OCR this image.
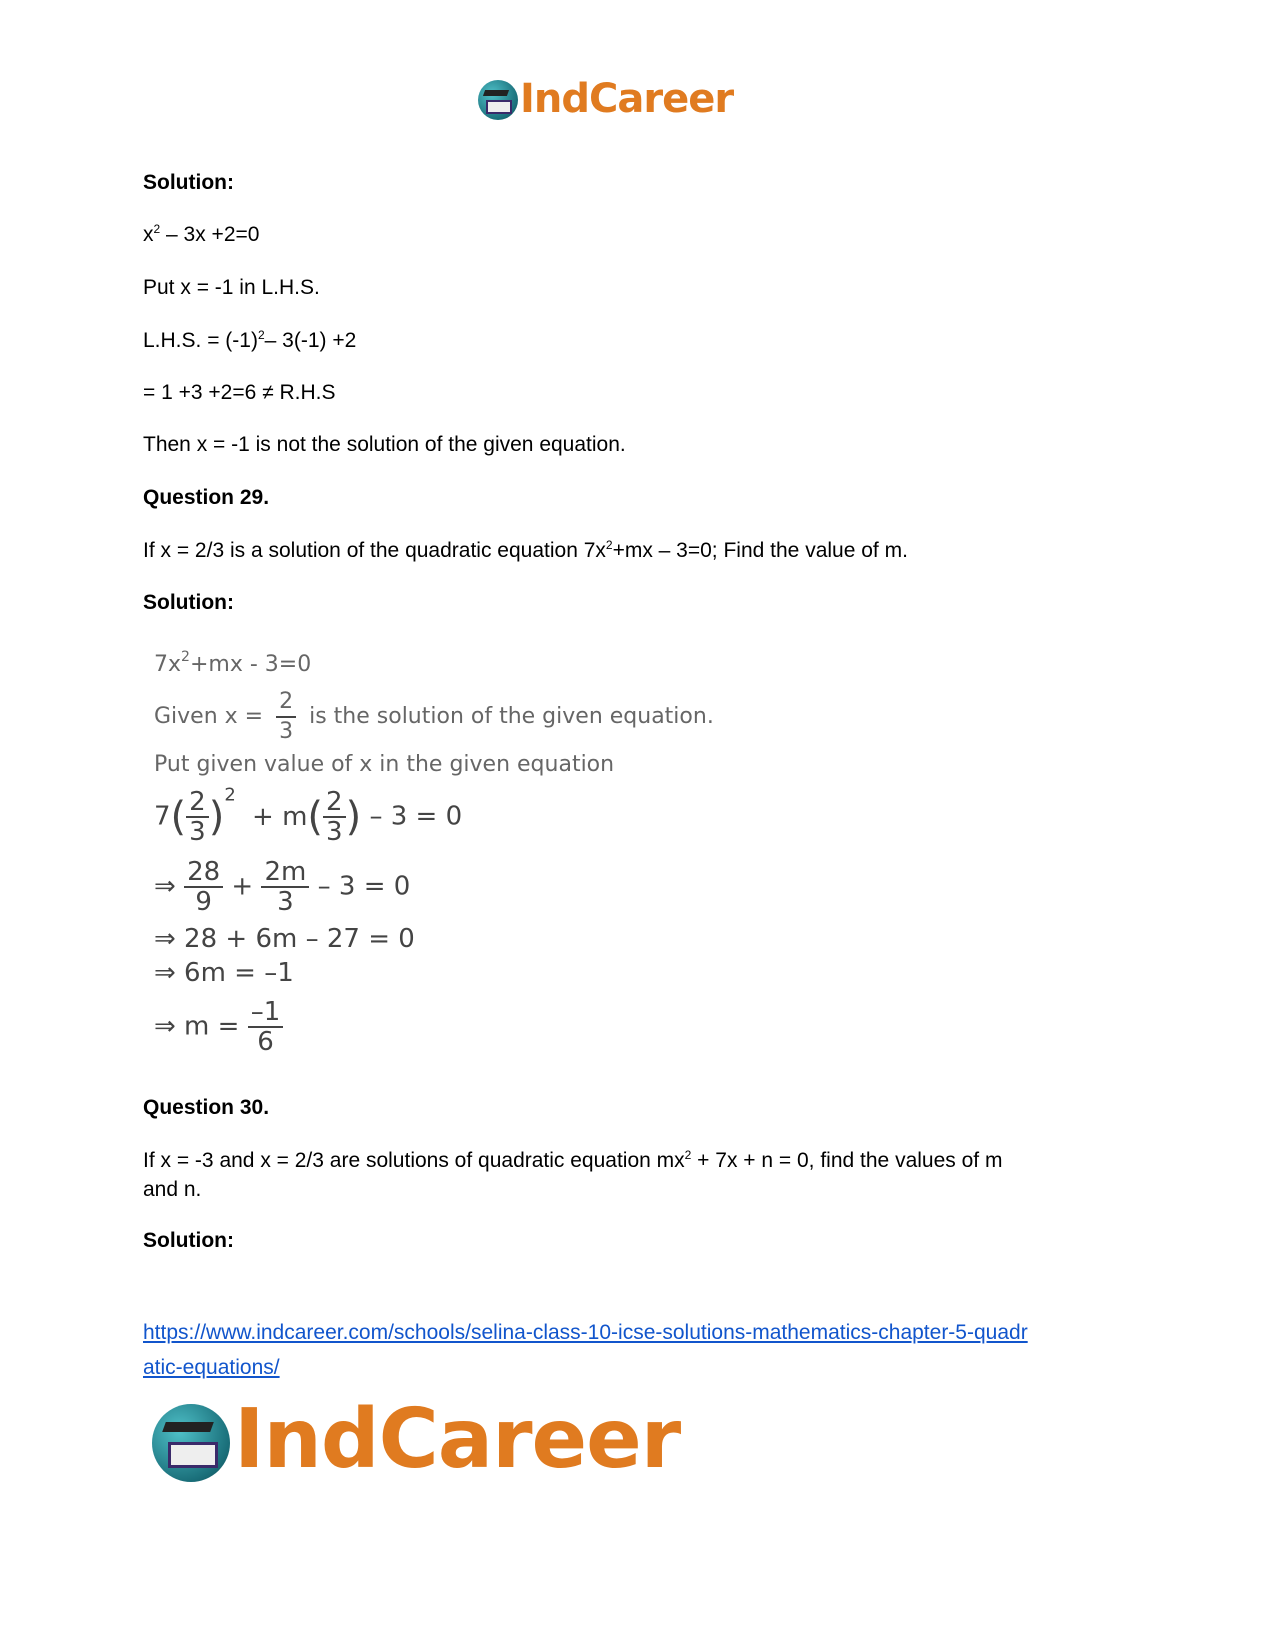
IndCareer
Solution:
$x^2 - 3x +2=0$
Put x = -1 in L.H.S.
L.H.S. = $(-1)^2-$ 3(-1) +2
= 1 +3 +2=6 ≠ R.H.S
Then x = -1 is not the solution of the given equation.
Question 29.
If x = 2/3 is a solution of the quadratic equation $7x^2+mx - 3=0$; Find the value of m.
Solution:
$7x^2+mx - 3=0$
Given $x = \frac{2}{3}$ is the solution of the given equation.
Put given value of x in the given equation
$7( \frac{2}{3} )^2 + m( \frac{2}{3}$ ) – 3 = 0
⇒ $\frac{28}{9} + \frac{2m}{3} - 3 = 0$
⇒ 28 + 6m – 27 = 0
⇒ 6m = –1
⇒ $m = \frac{-1}{6}$
Question 30.
If x = -3 and x = 2/3 are solutions of quadratic equation $mx^2 + 7x + n = 0$, find the values of m
and n.
Solution:
https://www.indcareer.com/schools/selina-class-10-icse-solutions-mathematics-chapter-5-quadr
atic-equations/
IndCareer
